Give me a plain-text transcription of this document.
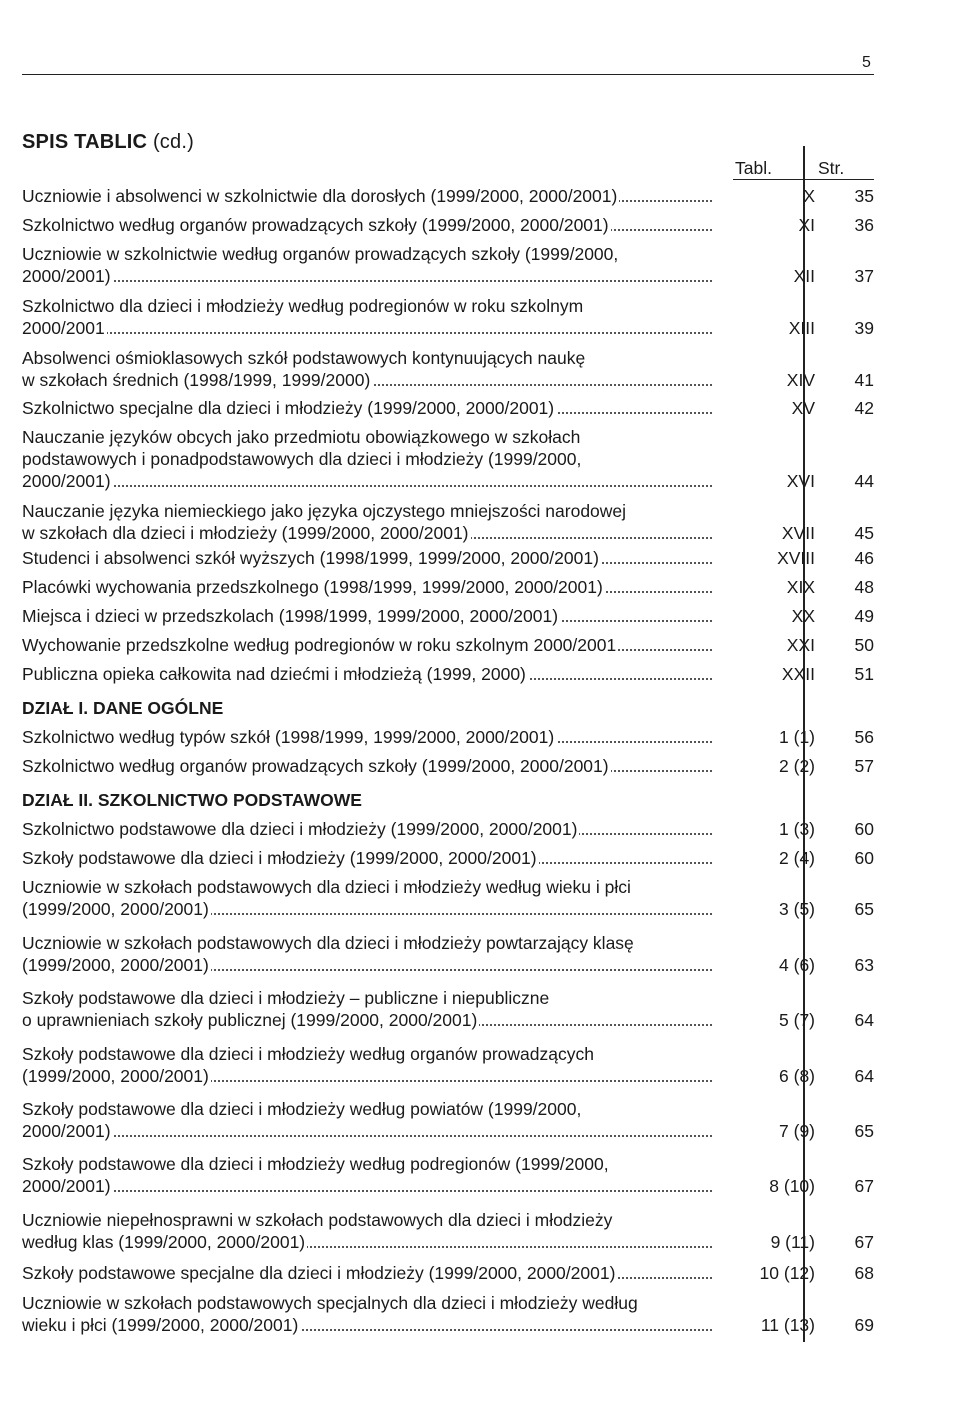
5
SPIS TABLIC (cd.)
Tabl.	Str.
Uczniowie i absolwenci w szkolnictwie dla dorosłych (1999/2000, 2000/2001)	X	35
Szkolnictwo według organów prowadzących szkoły (1999/2000, 2000/2001)	XI	36
Uczniowie w szkolnictwie według organów prowadzących szkoły (1999/2000,
2000/2001)	XII	37
Szkolnictwo dla dzieci i młodzieży według podregionów w roku szkolnym
2000/2001	XIII	39
Absolwenci ośmioklasowych szkół podstawowych kontynuujących naukę
w szkołach średnich (1998/1999, 1999/2000)	XIV	41
Szkolnictwo specjalne dla dzieci i młodzieży (1999/2000, 2000/2001)	XV	42
Nauczanie języków obcych jako przedmiotu obowiązkowego w szkołach
podstawowych i ponadpodstawowych dla dzieci i młodzieży (1999/2000,
2000/2001)	XVI	44
Nauczanie języka niemieckiego jako języka ojczystego mniejszości narodowej
w szkołach dla dzieci i młodzieży (1999/2000, 2000/2001)	XVII	45
Studenci i absolwenci szkół wyższych (1998/1999, 1999/2000, 2000/2001)	XVIII	46
Placówki wychowania przedszkolnego (1998/1999, 1999/2000, 2000/2001)	XIX	48
Miejsca i dzieci w przedszkolach (1998/1999, 1999/2000, 2000/2001)	XX	49
Wychowanie przedszkolne według podregionów w roku szkolnym 2000/2001	XXI	50
Publiczna opieka całkowita nad dziećmi i młodzieżą (1999, 2000)	XXII	51
DZIAŁ I. DANE OGÓLNE
Szkolnictwo według typów szkół (1998/1999, 1999/2000, 2000/2001)	1 (1)	56
Szkolnictwo według organów prowadzących szkoły (1999/2000, 2000/2001)	2 (2)	57
DZIAŁ II. SZKOLNICTWO PODSTAWOWE
Szkolnictwo podstawowe dla dzieci i młodzieży (1999/2000, 2000/2001)	1 (3)	60
Szkoły podstawowe dla dzieci i młodzieży (1999/2000, 2000/2001)	2 (4)	60
Uczniowie w szkołach podstawowych dla dzieci i młodzieży według wieku i płci
(1999/2000, 2000/2001)	3 (5)	65
Uczniowie w szkołach podstawowych dla dzieci i młodzieży powtarzający klasę
(1999/2000, 2000/2001)	4 (6)	63
Szkoły podstawowe dla dzieci i młodzieży – publiczne i niepubliczne
o uprawnieniach szkoły publicznej (1999/2000, 2000/2001)	5 (7)	64
Szkoły podstawowe dla dzieci i młodzieży według organów prowadzących
(1999/2000, 2000/2001)	6 (8)	64
Szkoły podstawowe dla dzieci i młodzieży według powiatów (1999/2000,
2000/2001)	7 (9)	65
Szkoły podstawowe dla dzieci i młodzieży według podregionów (1999/2000,
2000/2001)	8 (10)	67
Uczniowie niepełnosprawni w szkołach podstawowych dla dzieci i młodzieży
według klas (1999/2000, 2000/2001)	9 (11)	67
Szkoły podstawowe specjalne dla dzieci i młodzieży (1999/2000, 2000/2001)	10 (12)	68
Uczniowie w szkołach podstawowych specjalnych dla dzieci i młodzieży według
wieku i płci (1999/2000, 2000/2001)	11 (13)	69
